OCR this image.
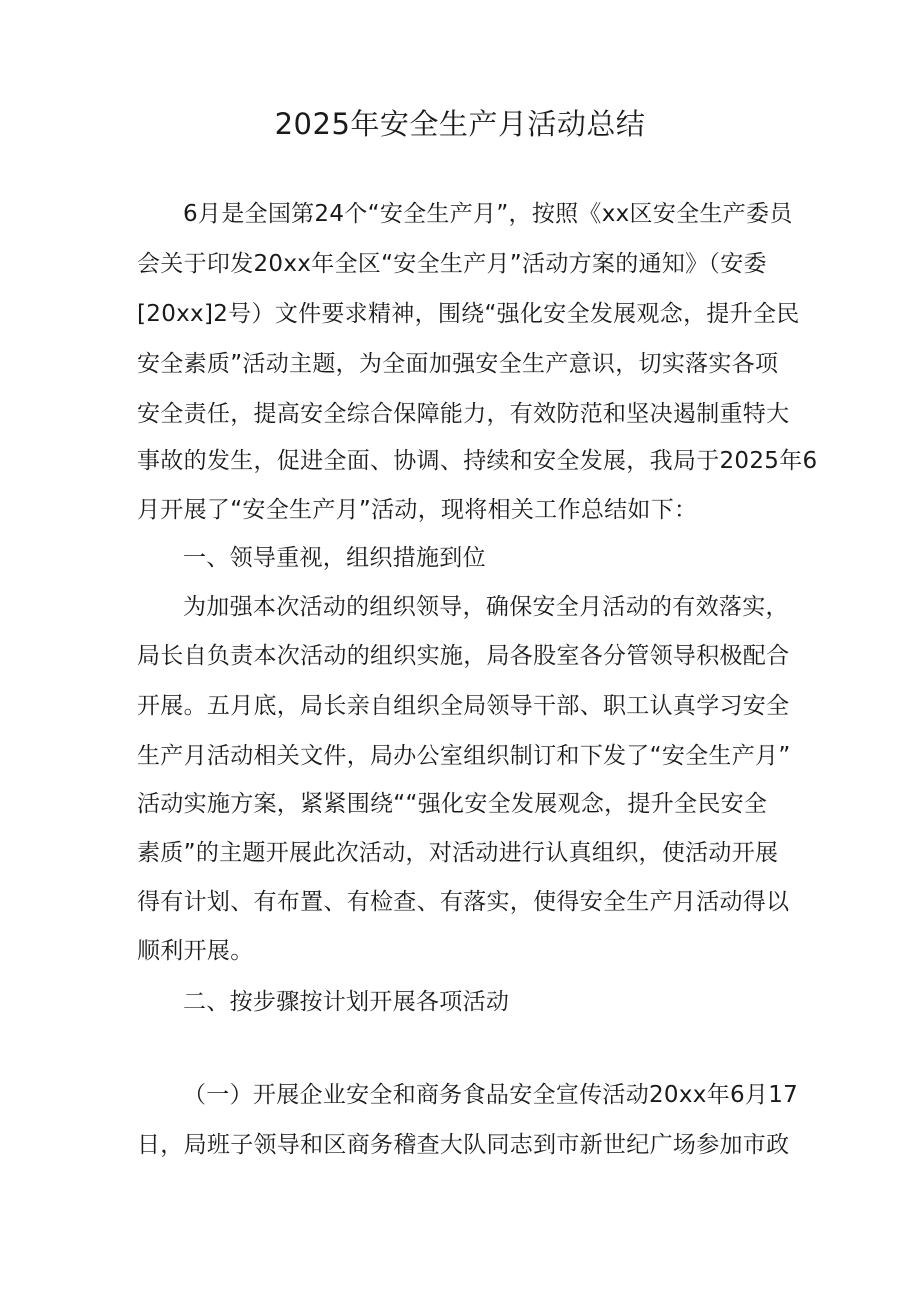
2025年安全生产月活动总结
6月是全国第24个“安全生产月”，按照《xx区安全生产委员
会关于印发20xx年全区“安全生产月”活动方案的通知》（安委
[20xx]2号）文件要求精神，围绕“强化安全发展观念，提升全民
安全素质”活动主题，为全面加强安全生产意识，切实落实各项
安全责任，提高安全综合保障能力，有效防范和坚决遏制重特大
事故的发生，促进全面、协调、持续和安全发展，我局于2025年6
月开展了“安全生产月”活动，现将相关工作总结如下：
一、领导重视，组织措施到位
为加强本次活动的组织领导，确保安全月活动的有效落实，
局长自负责本次活动的组织实施，局各股室各分管领导积极配合
开展。五月底，局长亲自组织全局领导干部、职工认真学习安全
生产月活动相关文件，局办公室组织制订和下发了“安全生产月”
活动实施方案，紧紧围绕““强化安全发展观念，提升全民安全
素质”的主题开展此次活动，对活动进行认真组织，使活动开展
得有计划、有布置、有检查、有落实，使得安全生产月活动得以
顺利开展。
二、按步骤按计划开展各项活动
（一）开展企业安全和商务食品安全宣传活动20xx年6月17
日，局班子领导和区商务稽查大队同志到市新世纪广场参加市政
